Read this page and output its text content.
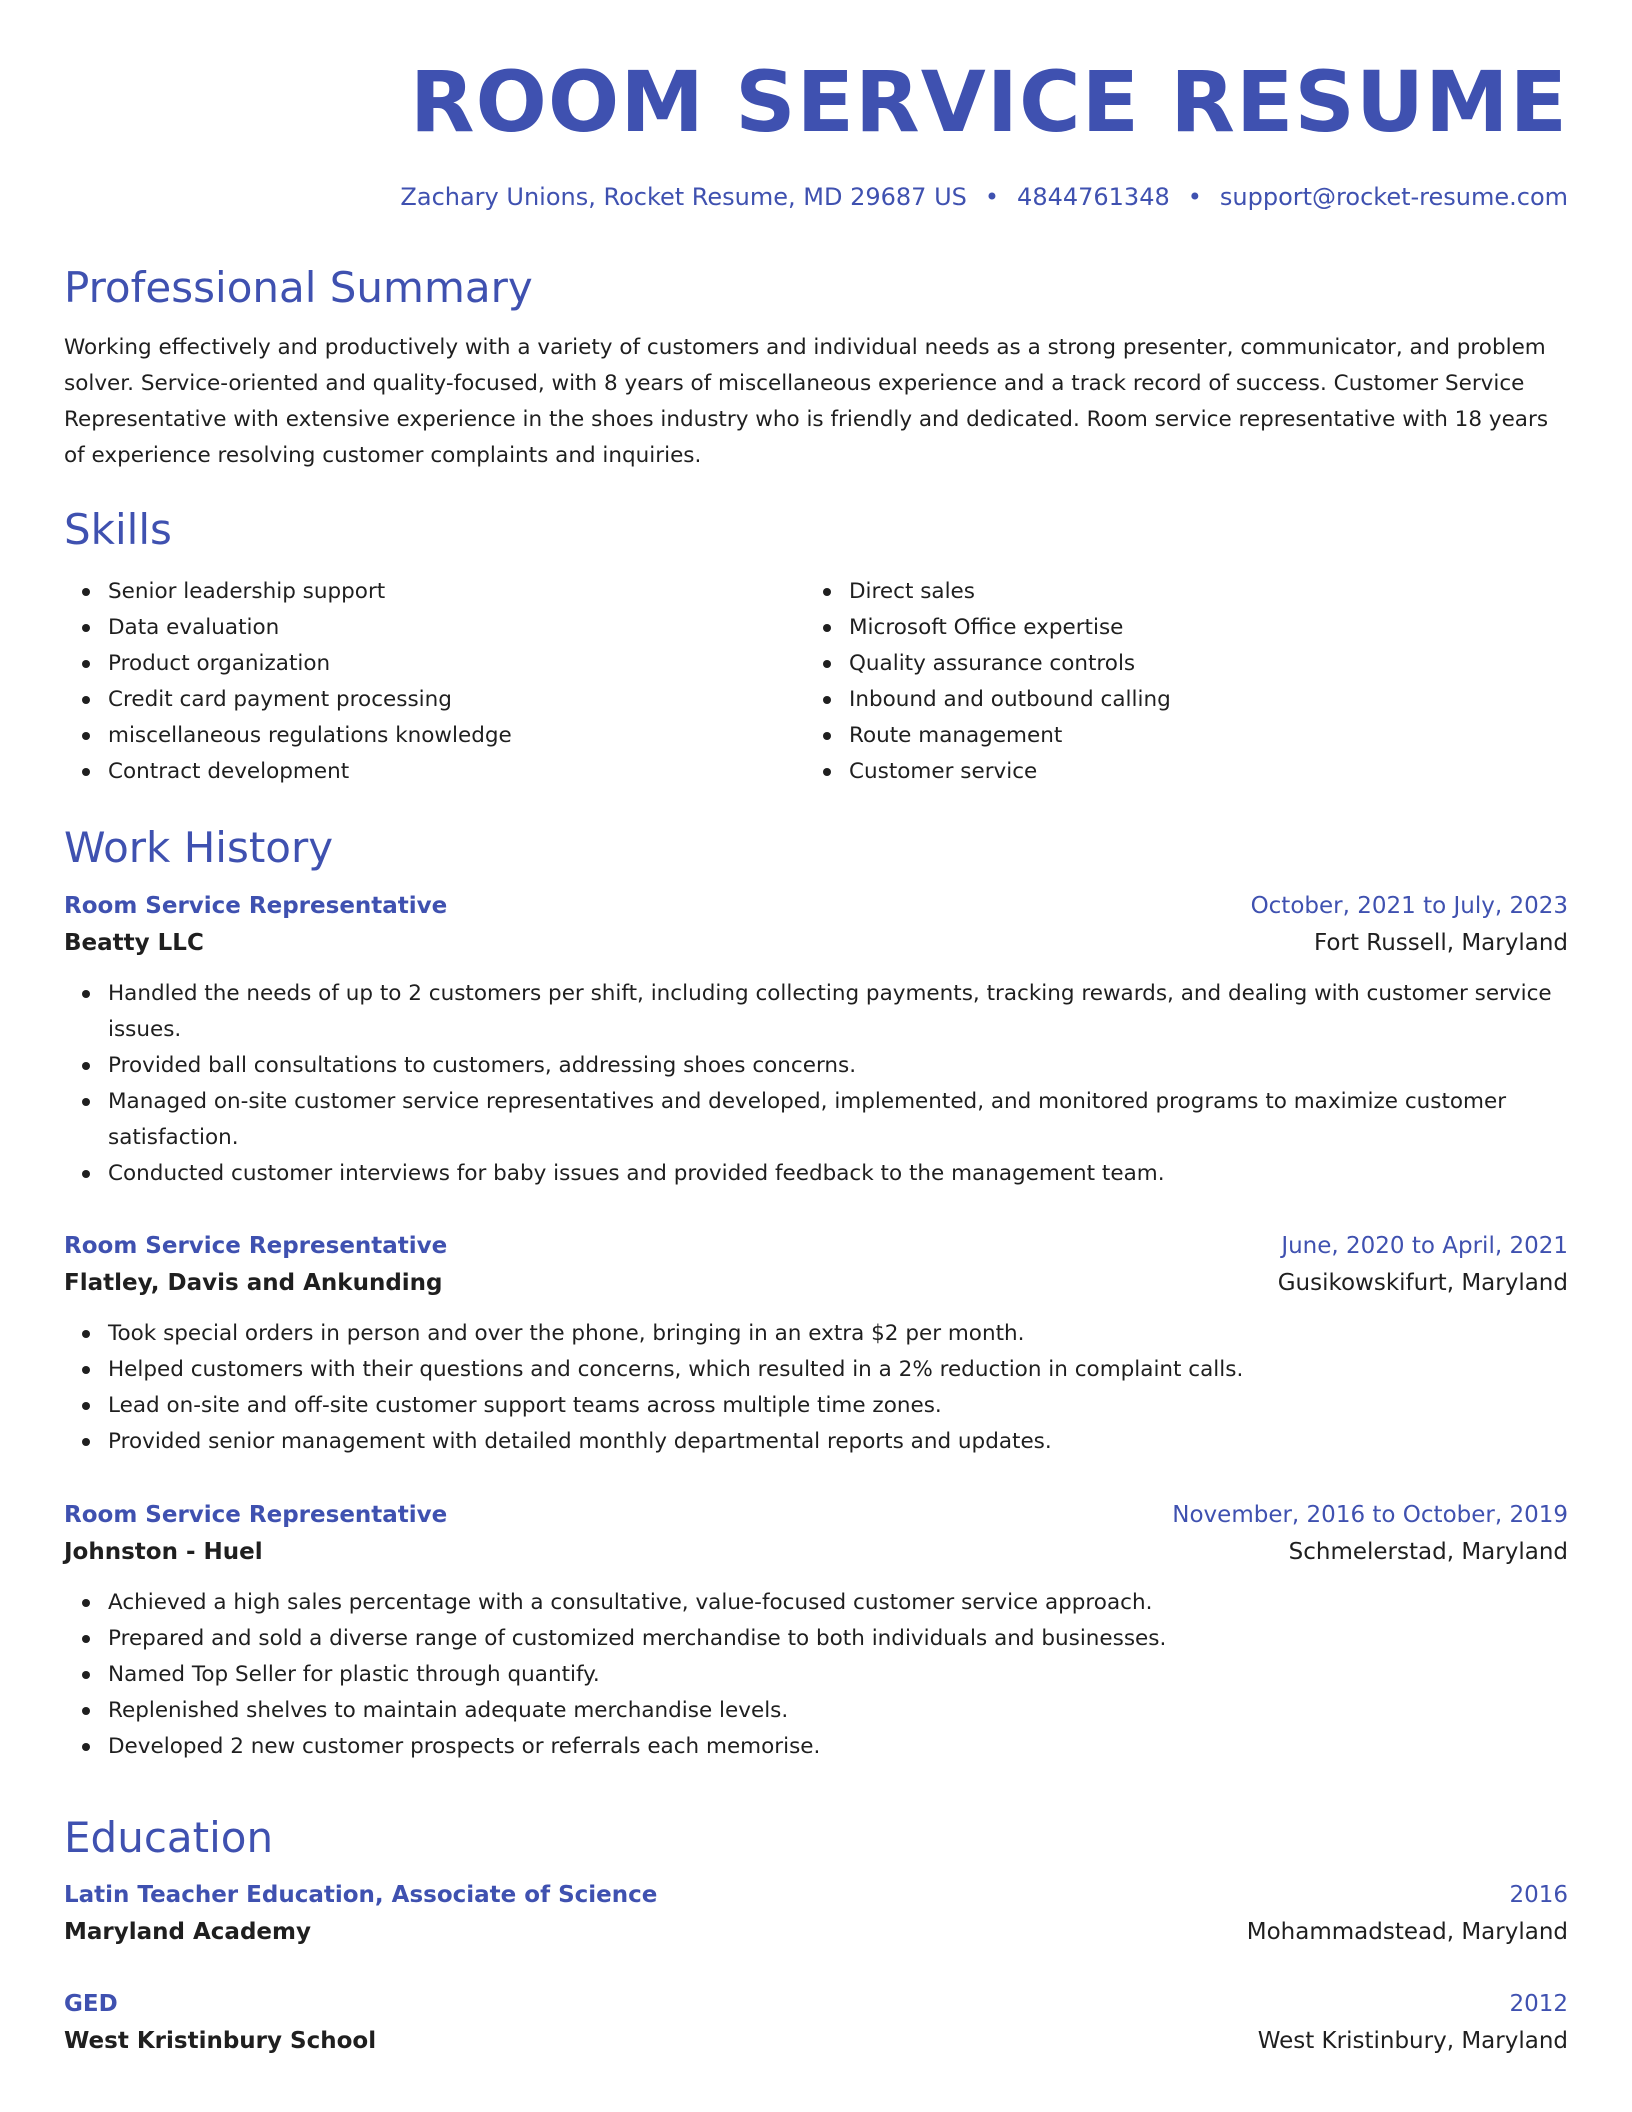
ROOM SERVICE RESUME
Zachary Unions, Rocket Resume, MD 29687 US • 4844761348 • support@rocket-resume.com
Professional Summary

Working effectively and productively with a variety of customers and individual needs as a strong presenter, communicator, and problem solver. Service-oriented and quality-focused, with 8 years of miscellaneous experience and a track record of success. Customer Service Representative with extensive experience in the shoes industry who is friendly and dedicated. Room service representative with 18 years of experience resolving customer complaints and inquiries.

Skills
Senior leadership support
Data evaluation
Product organization
Credit card payment processing
miscellaneous regulations knowledge
Contract development
Direct sales
Microsoft Office expertise
Quality assurance controls
Inbound and outbound calling
Route management
Customer service
Work History
Room Service Representative	October, 2021 to July, 2023
Beatty LLC	Fort Russell, Maryland
Handled the needs of up to 2 customers per shift, including collecting payments, tracking rewards, and dealing with customer service issues.
Provided ball consultations to customers, addressing shoes concerns.
Managed on-site customer service representatives and developed, implemented, and monitored programs to maximize customer satisfaction.
Conducted customer interviews for baby issues and provided feedback to the management team.
Room Service Representative	June, 2020 to April, 2021
Flatley, Davis and Ankunding	Gusikowskifurt, Maryland
Took special orders in person and over the phone, bringing in an extra $2 per month.
Helped customers with their questions and concerns, which resulted in a 2% reduction in complaint calls.
Lead on-site and off-site customer support teams across multiple time zones.
Provided senior management with detailed monthly departmental reports and updates.
Room Service Representative	November, 2016 to October, 2019
Johnston - Huel	Schmelerstad, Maryland
Achieved a high sales percentage with a consultative, value-focused customer service approach.
Prepared and sold a diverse range of customized merchandise to both individuals and businesses.
Named Top Seller for plastic through quantify.
Replenished shelves to maintain adequate merchandise levels.
Developed 2 new customer prospects or referrals each memorise.
Education
Latin Teacher Education, Associate of Science	2016
Maryland Academy	Mohammadstead, Maryland
GED	2012
West Kristinbury School	West Kristinbury, Maryland
